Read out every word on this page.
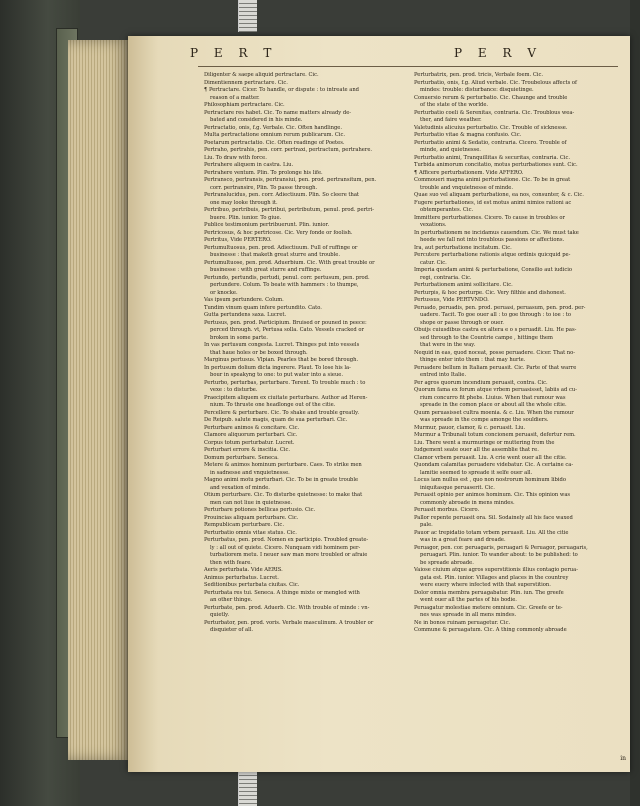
P E R T	P E R V

Diligenter & saepe aliquid pertractare. Cic.

Dimentiennem pertractare. Cic.

¶ Pertractare. Cicer. To handle, or dispute : to intreate and

reason of a matter.

Philosophiam pertractare. Cic.

Pertractare res habet. Cic. To name matters already de-

bated and considered in his minde.

Pertractatio, onis, f.g. Verbale. Cic. Often handlinge.

Multa pertractatione omnium rerum publicarum. Cic.

Poetarum pertractatio. Cic. Often readinge of Poetes.

Pertraho, pertrahis, pen. corr. pertraxi, pertractum, pertrahere.

Liu. To draw with force.

Pertrahere aliquem in castra. Liu.

Pertrahere ventum. Plin. To prolonge his life.

Pertransco, pertransis, pertransiui, pen. prod. pertransitum, pen.

corr. pertransire, Plin. To passe through.

Pertranslucidus, pen. corr. Adiectiuum. Plin. So cleere that

one may looke through it.

Pertribuo, pertribuis, pertribui, pertributum, penul. prod. pertri-

buere. Plin. iunior. To giue.

Publice testimonium pertribuerunt. Plin. iunior.

Pertricosus, & hoc pertricose. Cic. Very fonde or foolish.

Pertritus, Vide PERTERO.

Pertumultuosus, pen. prod. Adiectiuum. Full of ruffinge or

businesse : that maketh great sturre and trouble.

Pertumultuose, pen. prod. Aduerbium. Cic. With great trouble or

businesse : with great sturre and ruffinge.

Pertundo, pertundis, pertudi, penul. corr. pertusum, pen. prod.

pertundere. Colum. To beate with hammers : to thumpe,

or knocke.

Vas ipsum pertundere. Colum.

Tundim vinum quam infere pertundito. Cato.

Gutta pertundens saxa. Lucret.

Pertusus, pen. prod. Participium. Bruised or pouned in peece:

perced through. vt, Pertusa solla. Cato. Vessels cracked or

broken in some parte.

In vas pertusum congesta. Lucret. Thinges put into vessels

that haue holes or be boxed through.

Marginus pertusus. Vlpian. Pearles that be bored through.

In pertusum dolium dicta ingerere. Plaut. To lose his la-

bour in speakyng to one: to put water into a sieue.

Perturbo, perturbas, perturbare. Terent. To trouble much : to

vexe : to disturbe.

Praecipitem aliquem ex ciuitate perturbare. Author ad Heren-

nium. To thruste one headlonge out of the citie.

Percellere & perturbare. Cic. To shake and trouble greatly.

De Reipub. salute magis, quam de sua perturbari. Cic.

Perturbare animos & concitare. Cic.

Clamore aliquorum perturbari. Cic.

Corpus totum perturbatur. Lucret.

Perturbari errore & inscitia. Cic.

Domum perturbare. Seneca.

Metere & animos hominum perturbare. Caes. To strike men

in sadnesse and vnquietnesse.

Magno animi motu perturbari. Cic. To be in greate trouble

and vexation of minde.

Otium perturbare. Cic. To disturbe quietnesse: to make that

men can not liue in quietnesse.

Perturbare potiones bellicas pertusio. Cic.

Prouincias aliquam perturbare. Cic.

Rempublicam perturbare. Cic.

Perturbatio omnis vitae status. Cic.

Perturbatus, pen. prod. Nomen ex participio. Troubled greate-

ly : all out of quiete. Cicero. Nunquam vidi hominem per-

turbatiorem metu. I neuer saw man more troubled or afraie

then with feare.

Aeris perturbata. Vide AERIS.

Animus perturbatus. Lucret.

Seditionibus perturbata ciuitas. Cic.

Perturbata res tui. Seneca. A thinge mixte or mengled with

an other thinge.

Perturbate, pen. prod. Aduerb. Cic. With trouble of minde : vn-

quietly.

Perturbator, pen. prod. voris. Verbale masculinum. A troubler or

disquieter of all.

Perturbatrix, pen. prod. tricis, Verbale foem. Cic.

Perturbatio, onis, f.g. Aliud verbale. Cic. Troubelous affects of

mindes: trouble: disturbance: disquietinge.

Conuersio rerum & perturbatio. Cic. Chaunge and trouble

of the state of the worlde.

Perturbatio coeli & Serenitas, contraria. Cic. Troublous wea-

ther, and faire weather.

Valetudinis alicuius perturbatio. Cic. Trouble of sicknesse.

Perturbatio vitae & magna confusio. Cic.

Perturbatio animi & Sedatio, contraria. Cicero. Trouble of

minde, and quietnesse.

Perturbatio animi, Tranquillitas & securitas, contraria. Cic.

Turbida animorum concitatio, motus perturbationes sunt. Cic.

¶ Afficere perturbationem. Vide AFFERO.

Commoueri magna animi perturbatione. Cic. To be in great

trouble and vnquietnesse of minde.

Quae suo vel aliquam perturbatione, ea nos, consunter, & c. Cic.

Fugere perturbationes, id est motus animi nimios rationi ac

obtemperantes. Cic.

Immittere perturbationes. Cicero. To cause in troubles or

vexations.

In perturbationem ne incidamus cauendum. Cic. We must take

heede we fall not into troublous passions or affections.

Ira, aut perturbatione incitatum. Cic.

Percutere perturbatione rationis atque ordinis quicquid pe-

catur. Cic.

Imperia quodam animi & perturbatione, Consilio aut iudicio

regi, contraria. Cic.

Perturbationem animi sollicitare. Cic.

Perturpis, & hoc perturpe. Cic. Very filthie and dishonest.

Pertussus, Vide PERTVNDO.

Peruado, peruadis, pen. prod. peruasi, peruasum, pen. prod. per-

uadere. Tacit. To goe ouer all : to goe through : to ioe : to

shope or passe through or ouer.

Obuijs cuiusdibus castra ex altera e o s peruadit. Liu. He pas-

sed through to the Countrie campe , hittinge them

that were in the way.

Nequid in eas, quod noceat, posse peruadere. Cicer. That no-

thinge enter into them : that may hurte.

Peruadere bellum in Italiam peruasit. Cic. Parte of that warre

entred into Italie.

Per agros quorum incendium peruasit, contra. Cic.

Quorum fama ex forum atque vrbem peruasisset, labiis ad cu-

rium concurro fit phebs. Liuius. When that rumour was

spreade in the comon place or about all the whole citie.

Quum peruasisset cultra moenia. & c. Liu. When the rumour

was spreade in the compe amonge the souldiers.

Murmur, pauor, clamor, & c. peruasit. Liu.

Murmur a Tribunali totum concionem peruasit, defertur rem.

Liu. There went a murmuringe or muttering from the

Iudgement seate ouer all the assemblie that re.

Clamor vrbem peruasit. Liu. A crie went ouer all the citie.

Quondam calamitas peruadere videbatur. Cic. A certaine ca-

lamitie seemed to spreade it selfe ouer all.

Locus iam nullus est , quo non nostrorum hominum libido

iniquitasque peruaserit. Cic.

Peruasit opinio per animos hominum. Cic. This opinion was

commonly abroade in mens mindes.

Peruasit morbus. Cicero.

Pallor repente peruasit ora. Sil. Sodainely all his face waxed

pale.

Pauor ac trepidatio totam vrbem peruasit. Liu. All the citie

was in a great feare and dreade.

Peruagor, pen. cor. peruagaris, peruagari & Peruagor, peruagaris,

peruagari. Plin. iunior. To wander about: to be published: to

be spreade abroade.

Vaiose ciuium atque agros superstitionis illius contagio perua-

gata est. Plin. iunior. Villages and places in the countrey

were euery where infected with that superstition.

Dolor omnia membra peruagabatur. Plin. iun. The greefe

went ouer all the partes of his bodie.

Peruagatur molestiae metere omnium. Cic. Greefe or te-

nes was spreade in all mens mindes.

Ne in bonos ruinam peruagetur. Cic.

Commune & peruagatum. Cic. A thing commonly abroade

in
